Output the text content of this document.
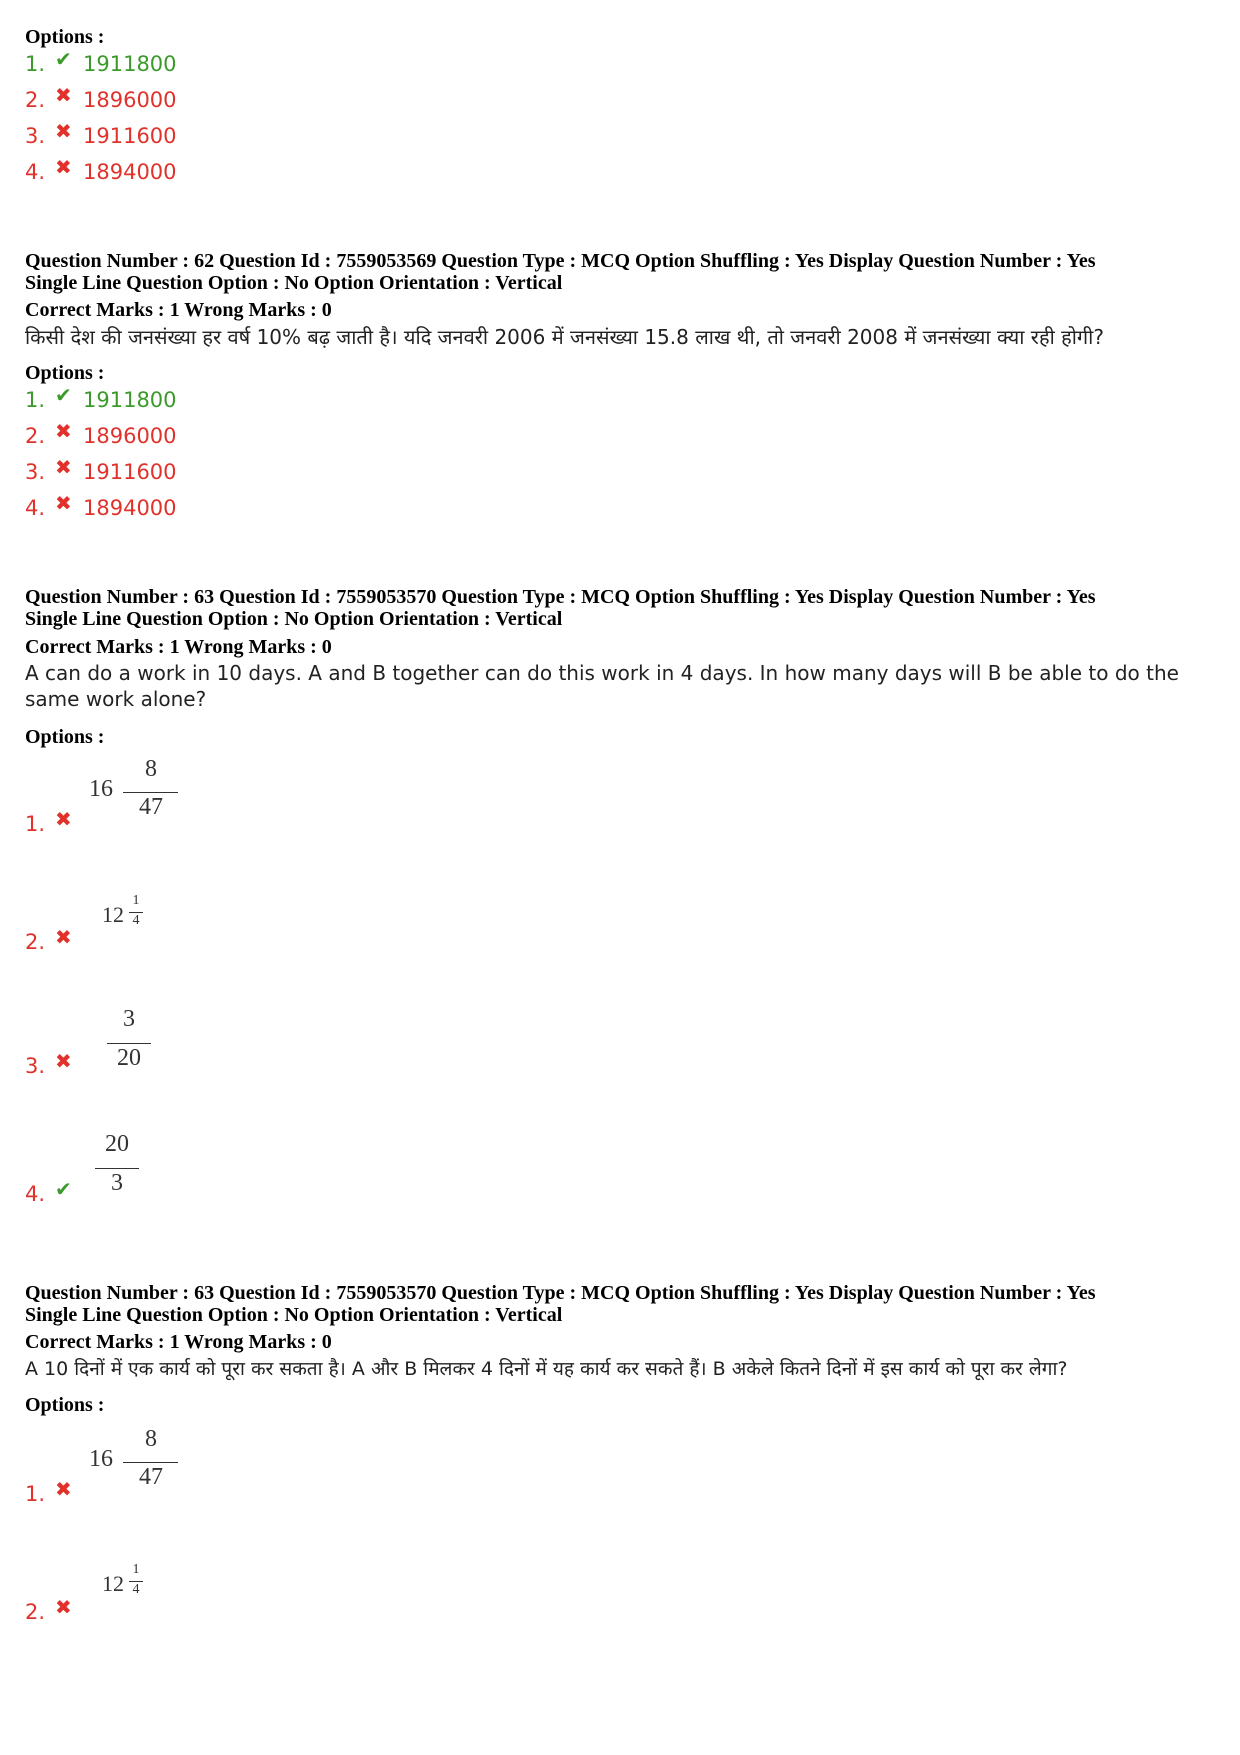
Options :
1. ✔ 1911800
2. ✖ 1896000
3. ✖ 1911600
4. ✖ 1894000
Question Number : 62 Question Id : 7559053569 Question Type : MCQ Option Shuffling : Yes Display Question Number : Yes
Single Line Question Option : No Option Orientation : Vertical
Correct Marks : 1 Wrong Marks : 0
किसी देश की जनसंख्या हर वर्ष 10% बढ़ जाती है। यदि जनवरी 2006 में जनसंख्या 15.8 लाख थी, तो जनवरी 2008 में जनसंख्या क्या रही होगी?
Options :
1. ✔ 1911800
2. ✖ 1896000
3. ✖ 1911600
4. ✖ 1894000
Question Number : 63 Question Id : 7559053570 Question Type : MCQ Option Shuffling : Yes Display Question Number : Yes
Single Line Question Option : No Option Orientation : Vertical
Correct Marks : 1 Wrong Marks : 0
A can do a work in 10 days. A and B together can do this work in 4 days. In how many days will B be able to do the same work alone?
Options :
1. ✖
16
8
47
2. ✖
12
1
4
3. ✖
3
20
4. ✔
20
3
Question Number : 63 Question Id : 7559053570 Question Type : MCQ Option Shuffling : Yes Display Question Number : Yes
Single Line Question Option : No Option Orientation : Vertical
Correct Marks : 1 Wrong Marks : 0
A 10 दिनों में एक कार्य को पूरा कर सकता है। A और B मिलकर 4 दिनों में यह कार्य कर सकते हैं। B अकेले कितने दिनों में इस कार्य को पूरा कर लेगा?
Options :
1. ✖
16
8
47
2. ✖
12
1
4
